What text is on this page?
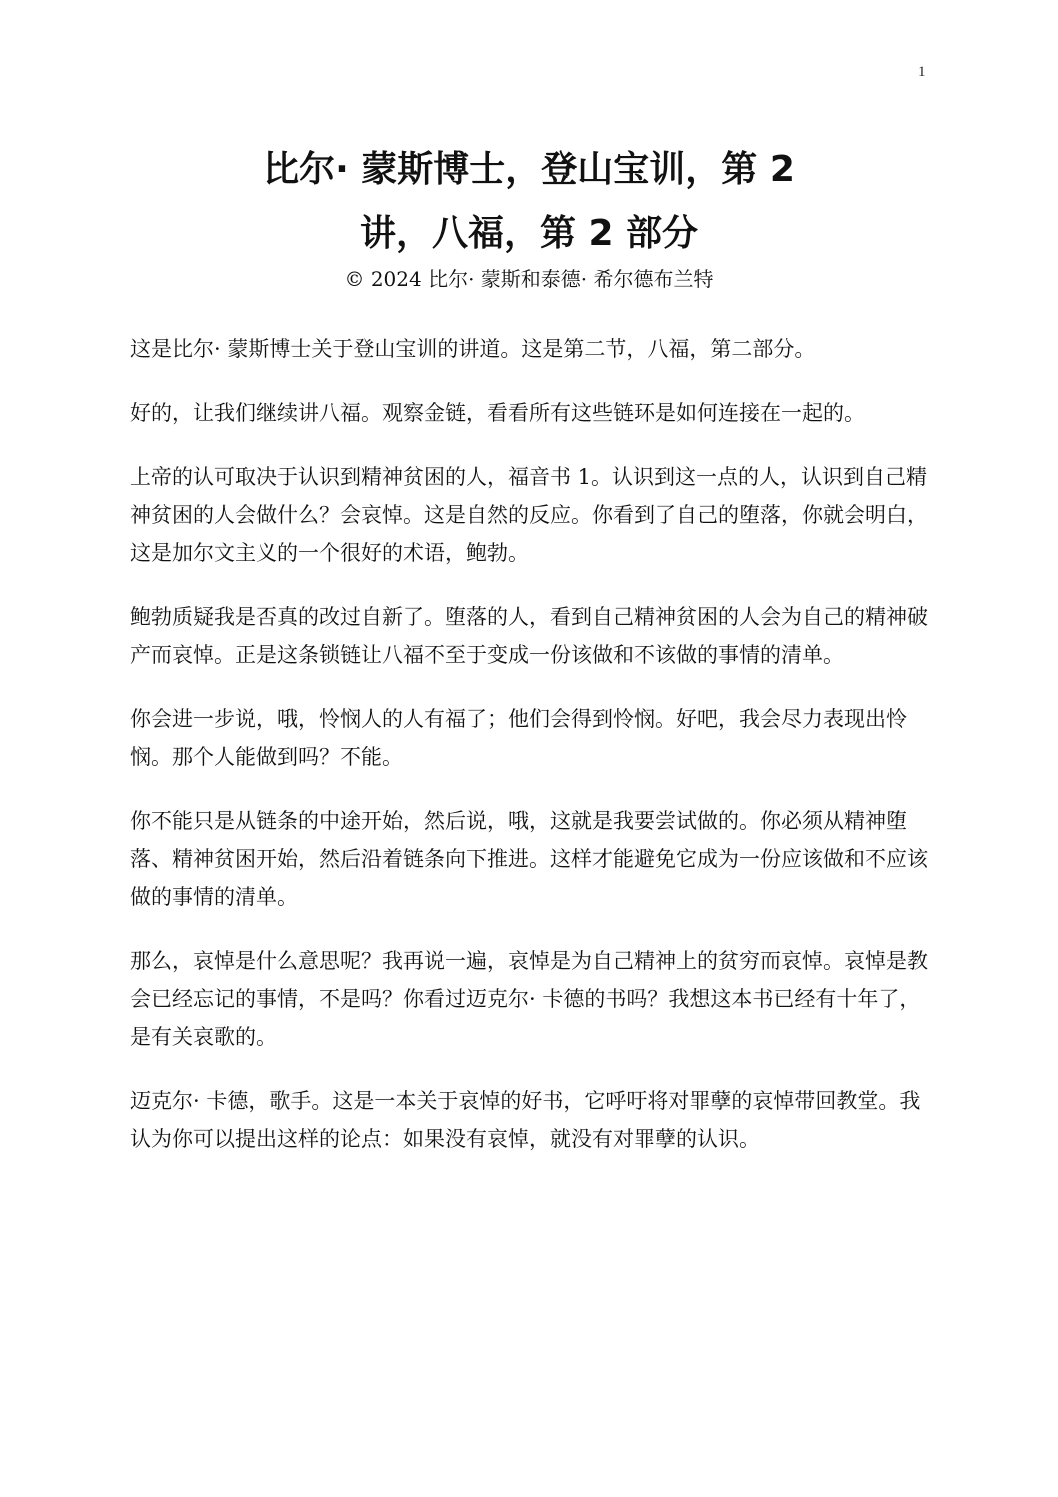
1
比尔· 蒙斯博士，登山宝训，第 2
讲，八福，第 2 部分

© 2024 比尔· 蒙斯和泰德· 希尔德布兰特

这是比尔· 蒙斯博士关于登山宝训的讲道。这是第二节，八福，第二部分。

好的，让我们继续讲八福。观察金链，看看所有这些链环是如何连接在一起的。

上帝的认可取决于认识到精神贫困的人，福音书 1。认识到这一点的人，认识到自己精神贫困的人会做什么？会哀悼。这是自然的反应。你看到了自己的堕落，你就会明白，这是加尔文主义的一个很好的术语，鲍勃。

鲍勃质疑我是否真的改过自新了。堕落的人，看到自己精神贫困的人会为自己的精神破产而哀悼。正是这条锁链让八福不至于变成一份该做和不该做的事情的清单。

你会进一步说，哦，怜悯人的人有福了；他们会得到怜悯。好吧，我会尽力表现出怜悯。那个人能做到吗？不能。

你不能只是从链条的中途开始，然后说，哦，这就是我要尝试做的。你必须从精神堕落、精神贫困开始，然后沿着链条向下推进。这样才能避免它成为一份应该做和不应该做的事情的清单。

那么，哀悼是什么意思呢？我再说一遍，哀悼是为自己精神上的贫穷而哀悼。哀悼是教会已经忘记的事情，不是吗？你看过迈克尔· 卡德的书吗？我想这本书已经有十年了，是有关哀歌的。

迈克尔· 卡德，歌手。这是一本关于哀悼的好书，它呼吁将对罪孽的哀悼带回教堂。我认为你可以提出这样的论点：如果没有哀悼，就没有对罪孽的认识。
